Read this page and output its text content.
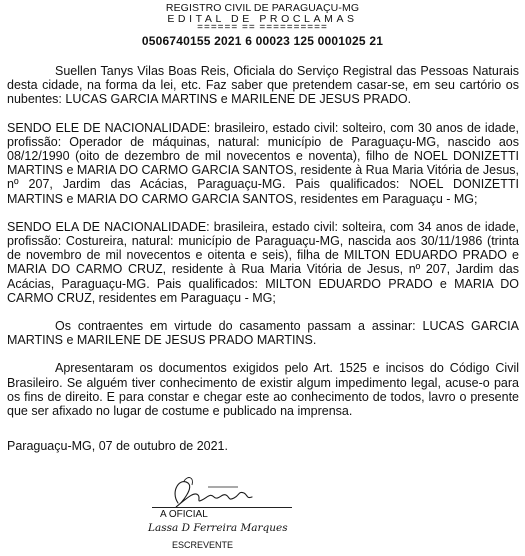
REGISTRO CIVIL DE PARAGUAÇU-MG
EDITAL DE PROCLAMAS
====== == ==========
0506740155 2021 6 00023 125 0001025 21

Suellen Tanys Vilas Boas Reis, Oficiala do Serviço Registral das Pessoas Naturais desta cidade, na forma da lei, etc. Faz saber que pretendem casar-se, em seu cartório os nubentes: LUCAS GARCIA MARTINS e MARILENE DE JESUS PRADO.

SENDO ELE DE NACIONALIDADE: brasileiro, estado civil: solteiro, com 30 anos de idade, profissão: Operador de máquinas, natural: município de Paraguaçu-MG, nascido aos 08/12/1990 (oito de dezembro de mil novecentos e noventa), filho de NOEL DONIZETTI MARTINS e MARIA DO CARMO GARCIA SANTOS, residente à Rua Maria Vitória de Jesus, nº 207, Jardim das Acácias, Paraguaçu-MG. Pais qualificados: NOEL DONIZETTI MARTINS e MARIA DO CARMO GARCIA SANTOS, residentes em Paraguaçu - MG;

SENDO ELA DE NACIONALIDADE: brasileira, estado civil: solteira, com 34 anos de idade, profissão: Costureira, natural: município de Paraguaçu-MG, nascida aos 30/11/1986 (trinta de novembro de mil novecentos e oitenta e seis), filha de MILTON EDUARDO PRADO e MARIA DO CARMO CRUZ, residente à Rua Maria Vitória de Jesus, nº 207, Jardim das Acácias, Paraguaçu-MG. Pais qualificados: MILTON EDUARDO PRADO e MARIA DO CARMO CRUZ, residentes em Paraguaçu - MG;

Os contraentes em virtude do casamento passam a assinar: LUCAS GARCIA MARTINS e MARILENE DE JESUS PRADO MARTINS.

Apresentaram os documentos exigidos pelo Art. 1525 e incisos do Código Civil Brasileiro. Se alguém tiver conhecimento de existir algum impedimento legal, acuse-o para os fins de direito. E para constar e chegar este ao conhecimento de todos, lavro o presente que ser afixado no lugar de costume e publicado na imprensa.

Paraguaçu-MG, 07 de outubro de 2021.
A OFICIAL
Lassa D Ferreira Marques
ESCREVENTE
